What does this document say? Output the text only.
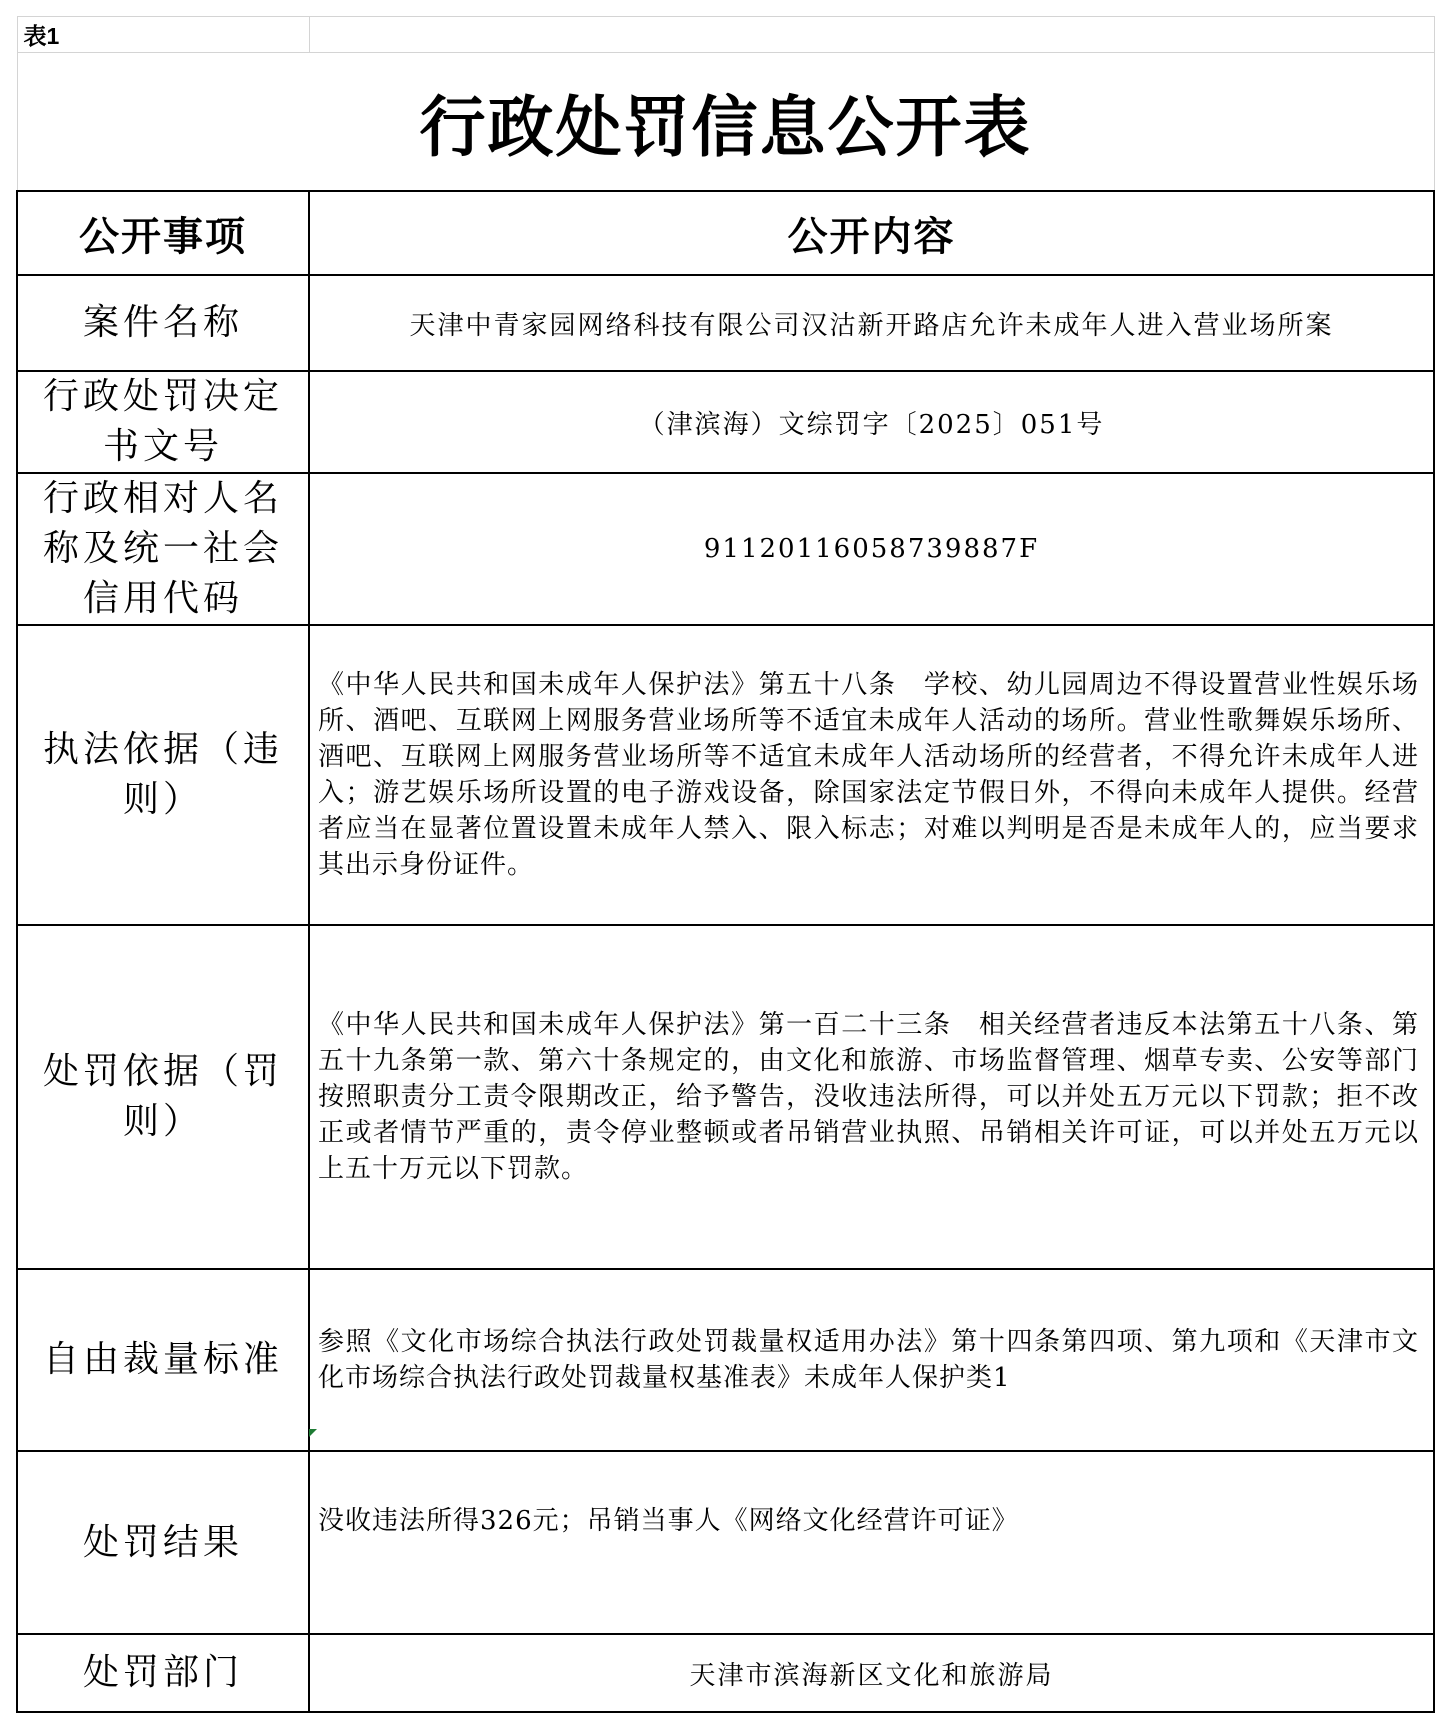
表1	
行政处罚信息公开表	
公开事项	公开内容
案件名称	天津中青家园网络科技有限公司汉沽新开路店允许未成年人进入营业场所案
行政处罚决定书文号	（津滨海）文综罚字〔2025〕051号
行政相对人名称及统一社会信用代码	91120116058739887F
执法依据（违则）	《中华人民共和国未成年人保护法》第五十八条　学校、幼儿园周边不得设置营业性娱乐场所、酒吧、互联网上网服务营业场所等不适宜未成年人活动的场所。营业性歌舞娱乐场所、酒吧、互联网上网服务营业场所等不适宜未成年人活动场所的经营者，不得允许未成年人进入；游艺娱乐场所设置的电子游戏设备，除国家法定节假日外，不得向未成年人提供。经营者应当在显著位置设置未成年人禁入、限入标志；对难以判明是否是未成年人的，应当要求其出示身份证件。
处罚依据（罚则）	《中华人民共和国未成年人保护法》第一百二十三条　相关经营者违反本法第五十八条、第五十九条第一款、第六十条规定的，由文化和旅游、市场监督管理、烟草专卖、公安等部门按照职责分工责令限期改正，给予警告，没收违法所得，可以并处五万元以下罚款；拒不改正或者情节严重的，责令停业整顿或者吊销营业执照、吊销相关许可证，可以并处五万元以上五十万元以下罚款。
自由裁量标准	参照《文化市场综合执法行政处罚裁量权适用办法》第十四条第四项、第九项和《天津市文化市场综合执法行政处罚裁量权基准表》未成年人保护类1
处罚结果	没收违法所得326元；吊销当事人《网络文化经营许可证》

处罚部门	天津市滨海新区文化和旅游局
